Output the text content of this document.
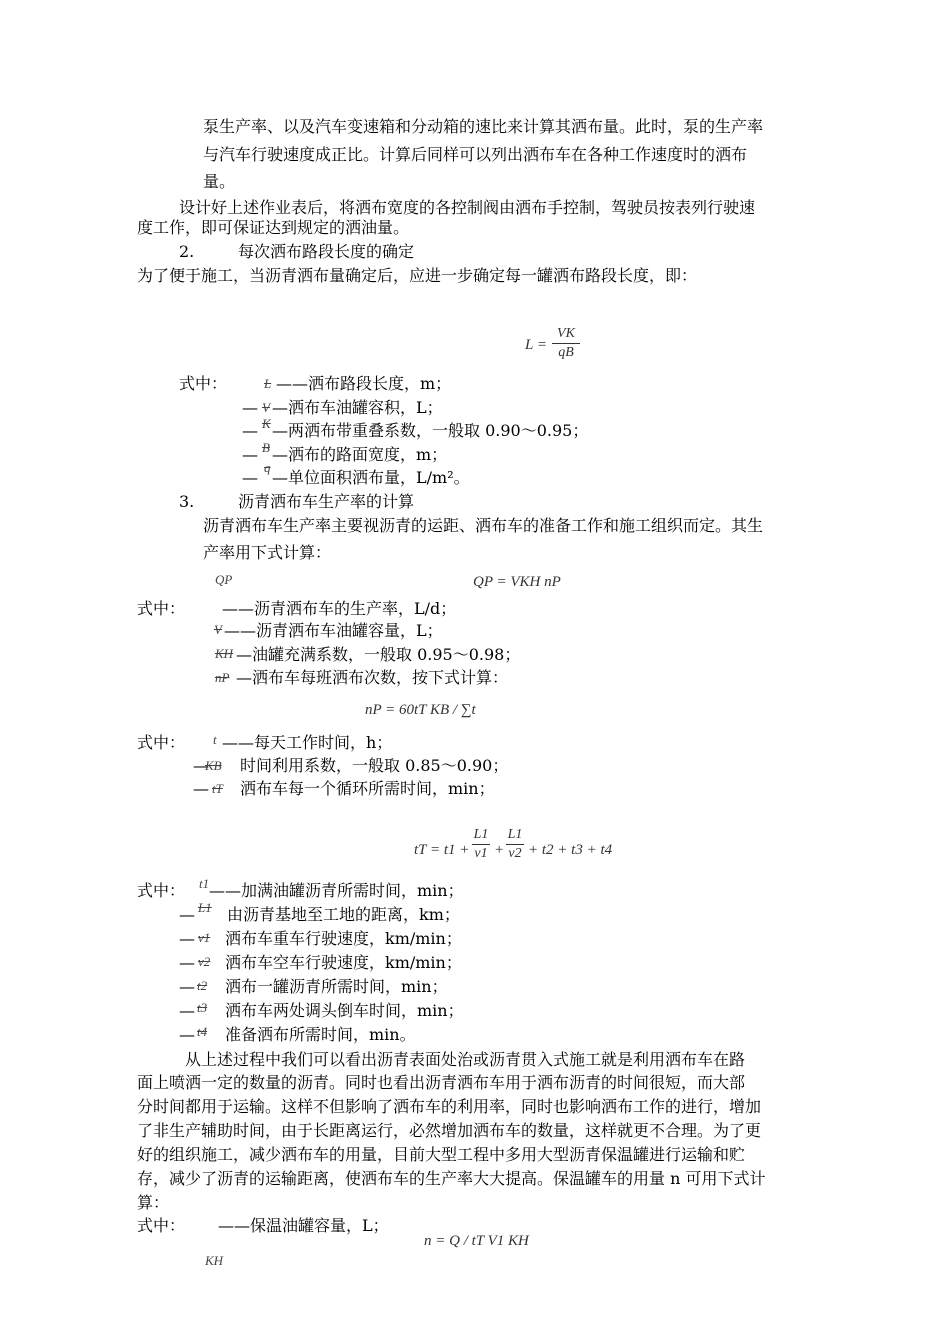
泵生产率、以及汽车变速箱和分动箱的速比来计算其洒布量。此时，泵的生产率
与汽车行驶速度成正比。计算后同样可以列出洒布车在各种工作速度时的洒布
量。
设计好上述作业表后，将洒布宽度的各控制阀由洒布手控制，驾驶员按表列行驶速
度工作，即可保证达到规定的洒油量。
2.	每次洒布路段长度的确定
为了便于施工，当沥青洒布量确定后，应进一步确定每一罐洒布路段长度，即：
L =
VK
qB
式中：	L ——洒布路段长度，m；
— V —洒布车油罐容积，L；
— K —两洒布带重叠系数，一般取 0.90～0.95；
— B —洒布的路面宽度，m；
—
q
—单位面积洒布量，L/m²。
3.	沥青洒布车生产率的计算
沥青洒布车生产率主要视沥青的运距、洒布车的准备工作和施工组织而定。其生
产率用下式计算：
QP	QP = VKH nP
式中： ——沥青洒布车的生产率，L/d；
V ——沥青洒布车油罐容量，L；
KH —油罐充满系数，一般取 0.95～0.98；
nP —洒布车每班洒布次数，按下式计算：
nP = 60tT KB / ∑t
式中： t ——每天工作时间，h；
—
KB 时间利用系数，一般取 0.85～0.90；
— tT 洒布车每一个循环所需时间，min；
tT = t1 +
L1
v1 +
L1
v2 + t2 + t3 + t4
式中： t1 ——加满油罐沥青所需时间，min；
— L1 由沥青基地至工地的距离，km；
— v1 洒布车重车行驶速度，km/min；
— v2 洒布车空车行驶速度，km/min；
— t2 洒布一罐沥青所需时间，min；
— t3 洒布车两处调头倒车时间，min；
— t4 准备洒布所需时间，min。
从上述过程中我们可以看出沥青表面处治或沥青贯入式施工就是利用洒布车在路
面上喷洒一定的数量的沥青。同时也看出沥青洒布车用于洒布沥青的时间很短，而大部
分时间都用于运输。这样不但影响了洒布车的利用率，同时也影响洒布工作的进行，增加
了非生产辅助时间，由于长距离运行，必然增加洒布车的数量，这样就更不合理。为了更
好的组织施工，减少洒布车的用量，目前大型工程中多用大型沥青保温罐进行运输和贮
存，减少了沥青的运输距离，使洒布车的生产率大大提高。保温罐车的用量 n 可用下式计
算：
式中： ——保温油罐容量，L；
n = Q / tT V1 KH
KH
